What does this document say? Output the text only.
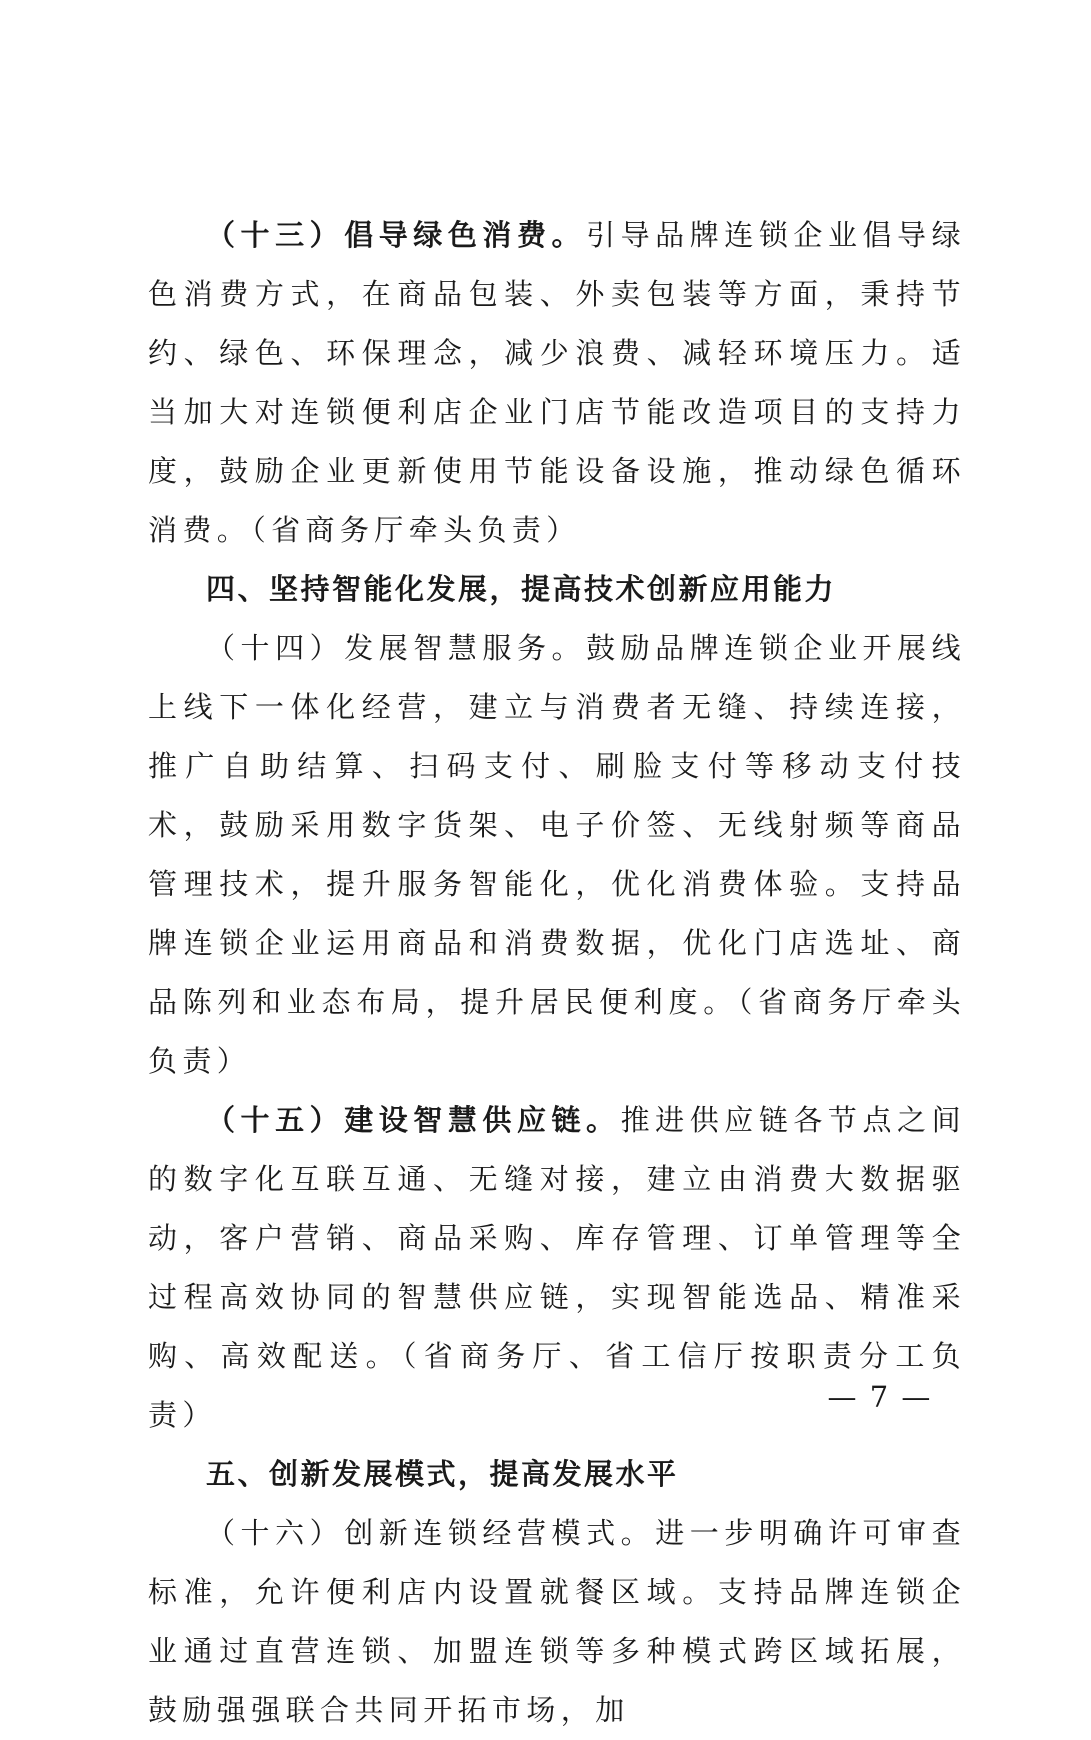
（十三）倡导绿色消费。引导品牌连锁企业倡导绿色消费方式，在商品包装、外卖包装等方面，秉持节约、绿色、环保理念，减少浪费、减轻环境压力。适当加大对连锁便利店企业门店节能改造项目的支持力度，鼓励企业更新使用节能设备设施，推动绿色循环消费。（省商务厅牵头负责）

四、坚持智能化发展，提高技术创新应用能力

（十四）发展智慧服务。鼓励品牌连锁企业开展线上线下一体化经营，建立与消费者无缝、持续连接，推广自助结算、扫码支付、刷脸支付等移动支付技术，鼓励采用数字货架、电子价签、无线射频等商品管理技术，提升服务智能化，优化消费体验。支持品牌连锁企业运用商品和消费数据，优化门店选址、商品陈列和业态布局，提升居民便利度。（省商务厅牵头负责）

（十五）建设智慧供应链。推进供应链各节点之间的数字化互联互通、无缝对接，建立由消费大数据驱动，客户营销、商品采购、库存管理、订单管理等全过程高效协同的智慧供应链，实现智能选品、精准采购、高效配送。（省商务厅、省工信厅按职责分工负责）

五、创新发展模式，提高发展水平

（十六）创新连锁经营模式。进一步明确许可审查标准，允许便利店内设置就餐区域。支持品牌连锁企业通过直营连锁、加盟连锁等多种模式跨区域拓展，鼓励强强联合共同开拓市场，加

— 7 —
